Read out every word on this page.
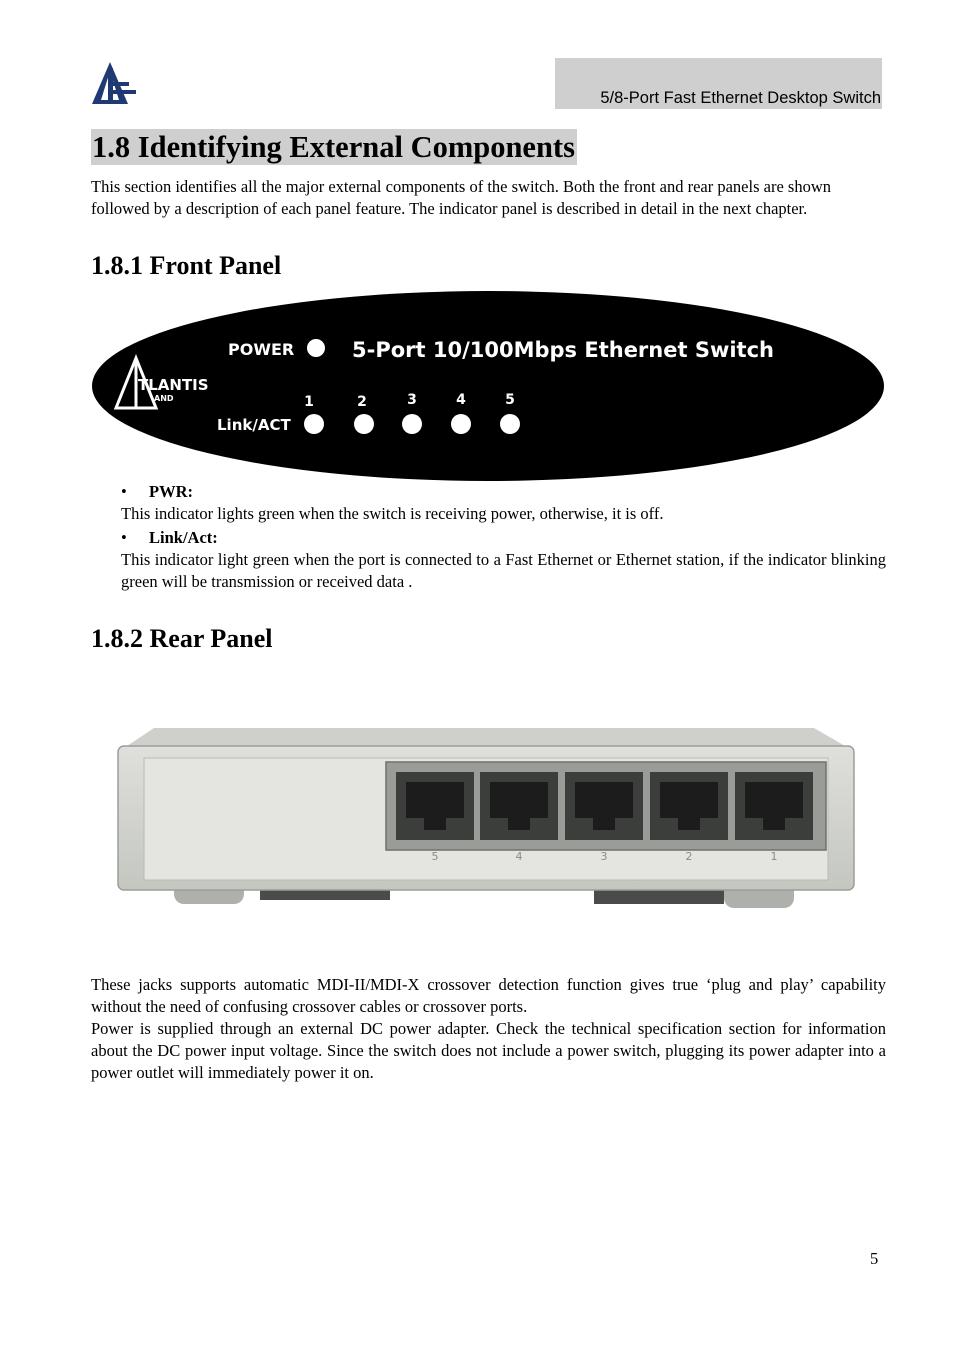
5/8-Port Fast Ethernet Desktop Switch
1.8 Identifying External Components
This section identifies all the major external components of the switch. Both the front and rear panels are shown followed by a description of each panel feature. The indicator panel is described in detail in the next chapter.
1.8.1 Front Panel
TLANTIS
AND
POWER	5-Port 10/100Mbps Ethernet Switch
Link/ACT
1	2	3	4	5
• PWR:
This indicator lights green when the switch is receiving power, otherwise, it is off.
• Link/Act:
This indicator light green when the port is connected to a Fast Ethernet or Ethernet station, if the indicator blinking green will be transmission or received data .
1.8.2 Rear Panel
5	4	3	2	1
These jacks supports automatic MDI-II/MDI-X crossover detection function gives true ‘plug and play’ capability without the need of confusing crossover cables or crossover ports.
Power is supplied through an external DC power adapter. Check the technical specification section for information about the DC power input voltage. Since the switch does not include a power switch, plugging its power adapter into a power outlet will immediately power it on.
5
